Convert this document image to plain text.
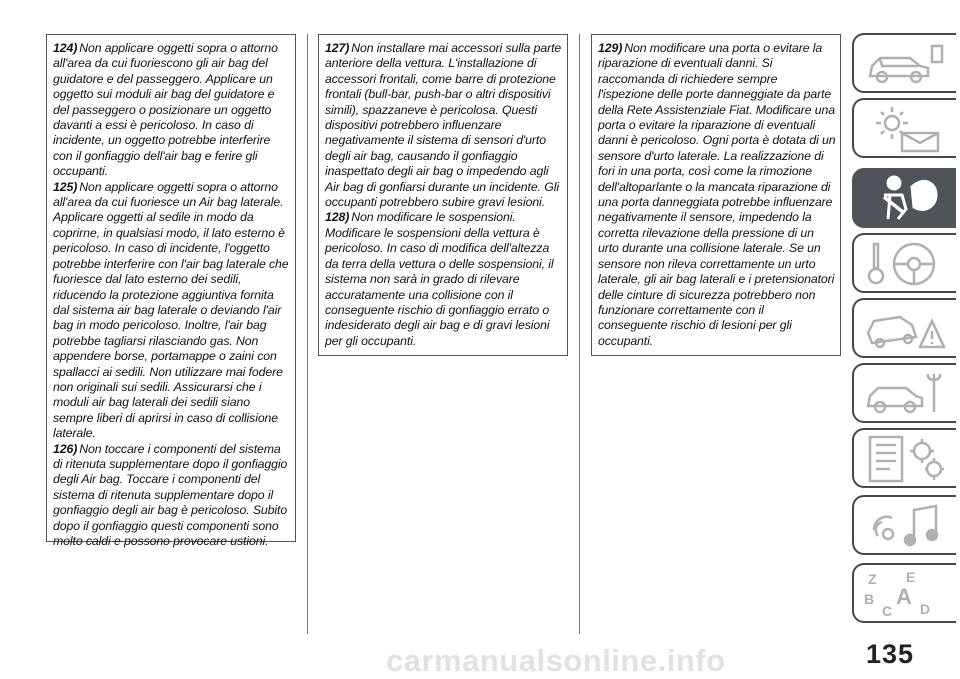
124) Non applicare oggetti sopra o attorno all'area da cui fuoriescono gli air bag del guidatore e del passeggero. Applicare un oggetto sui moduli air bag del guidatore e del passeggero o posizionare un oggetto davanti a essi è pericoloso. In caso di incidente, un oggetto potrebbe interferire con il gonfiaggio dell'air bag e ferire gli occupanti.

125) Non applicare oggetti sopra o attorno all'area da cui fuoriesce un Air bag laterale. Applicare oggetti al sedile in modo da coprirne, in qualsiasi modo, il lato esterno è pericoloso. In caso di incidente, l'oggetto potrebbe interferire con l'air bag laterale che fuoriesce dal lato esterno dei sedili, riducendo la protezione aggiuntiva fornita dal sistema air bag laterale o deviando l'air bag in modo pericoloso. Inoltre, l'air bag potrebbe tagliarsi rilasciando gas. Non appendere borse, portamappe o zaini con spallacci ai sedili. Non utilizzare mai fodere non originali sui sedili. Assicurarsi che i moduli air bag laterali dei sedili siano sempre liberi di aprirsi in caso di collisione laterale.

126) Non toccare i componenti del sistema di ritenuta supplementare dopo il gonfiaggio degli Air bag. Toccare i componenti del sistema di ritenuta supplementare dopo il gonfiaggio degli air bag è pericoloso. Subito dopo il gonfiaggio questi componenti sono molto caldi e possono provocare ustioni.

127) Non installare mai accessori sulla parte anteriore della vettura. L'installazione di accessori frontali, come barre di protezione frontali (bull-bar, push-bar o altri dispositivi simili), spazzaneve è pericolosa. Questi dispositivi potrebbero influenzare negativamente il sistema di sensori d'urto degli air bag, causando il gonfiaggio inaspettato degli air bag o impedendo agli Air bag di gonfiarsi durante un incidente. Gli occupanti potrebbero subire gravi lesioni.

128) Non modificare le sospensioni. Modificare le sospensioni della vettura è pericoloso. In caso di modifica dell'altezza da terra della vettura o delle sospensioni, il sistema non sarà in grado di rilevare accuratamente una collisione con il conseguente rischio di gonfiaggio errato o indesiderato degli air bag e di gravi lesioni per gli occupanti.

129) Non modificare una porta o evitare la riparazione di eventuali danni. Si raccomanda di richiedere sempre l'ispezione delle porte danneggiate da parte della Rete Assistenziale Fiat. Modificare una porta o evitare la riparazione di eventuali danni è pericoloso. Ogni porta è dotata di un sensore d'urto laterale. La realizzazione di fori in una porta, così come la rimozione dell'altoparlante o la mancata riparazione di una porta danneggiata potrebbe influenzare negativamente il sensore, impedendo la corretta rilevazione della pressione di un urto durante una collisione laterale. Se un sensore non rileva correttamente un urto laterale, gli air bag laterali e i pretensionatori delle cinture di sicurezza potrebbero non funzionare correttamente con il conseguente rischio di lesioni per gli occupanti.

Z E
B A
C D
carmanualsonline.info	135
